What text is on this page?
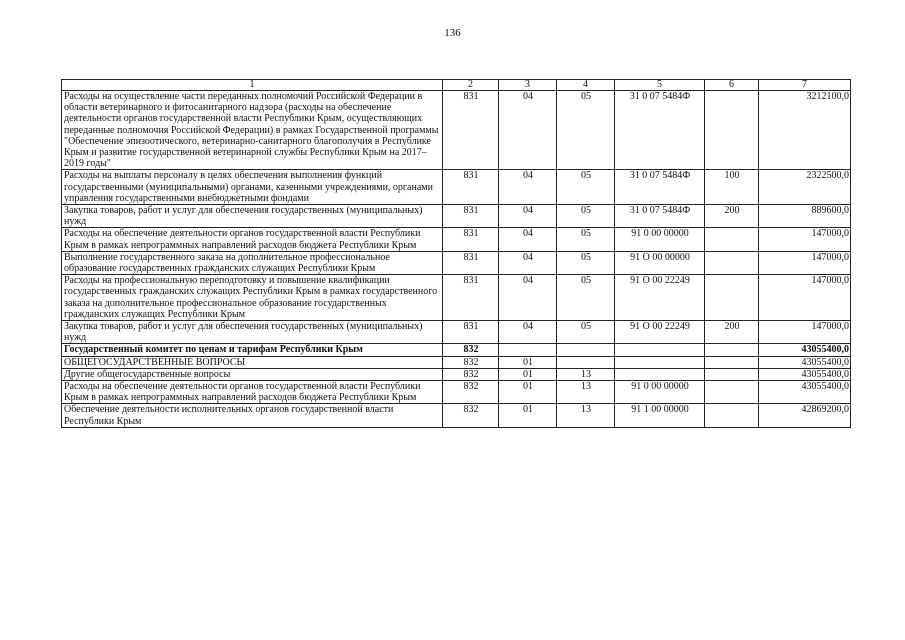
136
1	2	3	4	5	6	7
Расходы на осуществление части переданных полномочий Российской Федерации в области ветеринарного и фитосанитарного надзора (расходы на обеспечение деятельности органов государственной власти Республики Крым, осуществляющих переданные полномочия Российской Федерации) в рамках Государственной программы "Обеспечение эпизоотического, ветеринарно-санитарного благополучия в Республике Крым и развитие государственной ветеринарной службы Республики Крым на 2017–2019 годы"	831	04	05	31 0 07 5484Ф		3212100,0
Расходы на выплаты персоналу в целях обеспечения выполнения функций государственными (муниципальными) органами, казенными учреждениями, органами управления государственными внебюджетными фондами	831	04	05	31 0 07 5484Ф	100	2322500,0
Закупка товаров, работ и услуг для обеспечения государственных (муниципальных) нужд	831	04	05	31 0 07 5484Ф	200	889600,0
Расходы на обеспечение деятельности органов государственной власти Республики Крым в рамках непрограммных направлений расходов бюджета Республики Крым	831	04	05	91 0 00 00000		147000,0
Выполнение государственного заказа на дополнительное профессиональное образование государственных гражданских служащих Республики Крым	831	04	05	91 О 00 00000		147000,0
Расходы на профессиональную переподготовку и повышение квалификации государственных гражданских служащих Республики Крым в рамках государственного заказа на дополнительное профессиональное образование государственных гражданских служащих Республики Крым	831	04	05	91 О 00 22249		147000,0
Закупка товаров, работ и услуг для обеспечения государственных (муниципальных) нужд	831	04	05	91 О 00 22249	200	147000,0
Государственный комитет по ценам и тарифам Республики Крым	832					43055400,0
ОБЩЕГОСУДАРСТВЕННЫЕ ВОПРОСЫ	832	01				43055400,0
Другие общегосударственные вопросы	832	01	13			43055400,0
Расходы на обеспечение деятельности органов государственной власти Республики Крым в рамках непрограммных направлений расходов бюджета Республики Крым	832	01	13	91 0 00 00000		43055400,0
Обеспечение деятельности исполнительных органов государственной власти Республики Крым	832	01	13	91 1 00 00000		42869200,0
